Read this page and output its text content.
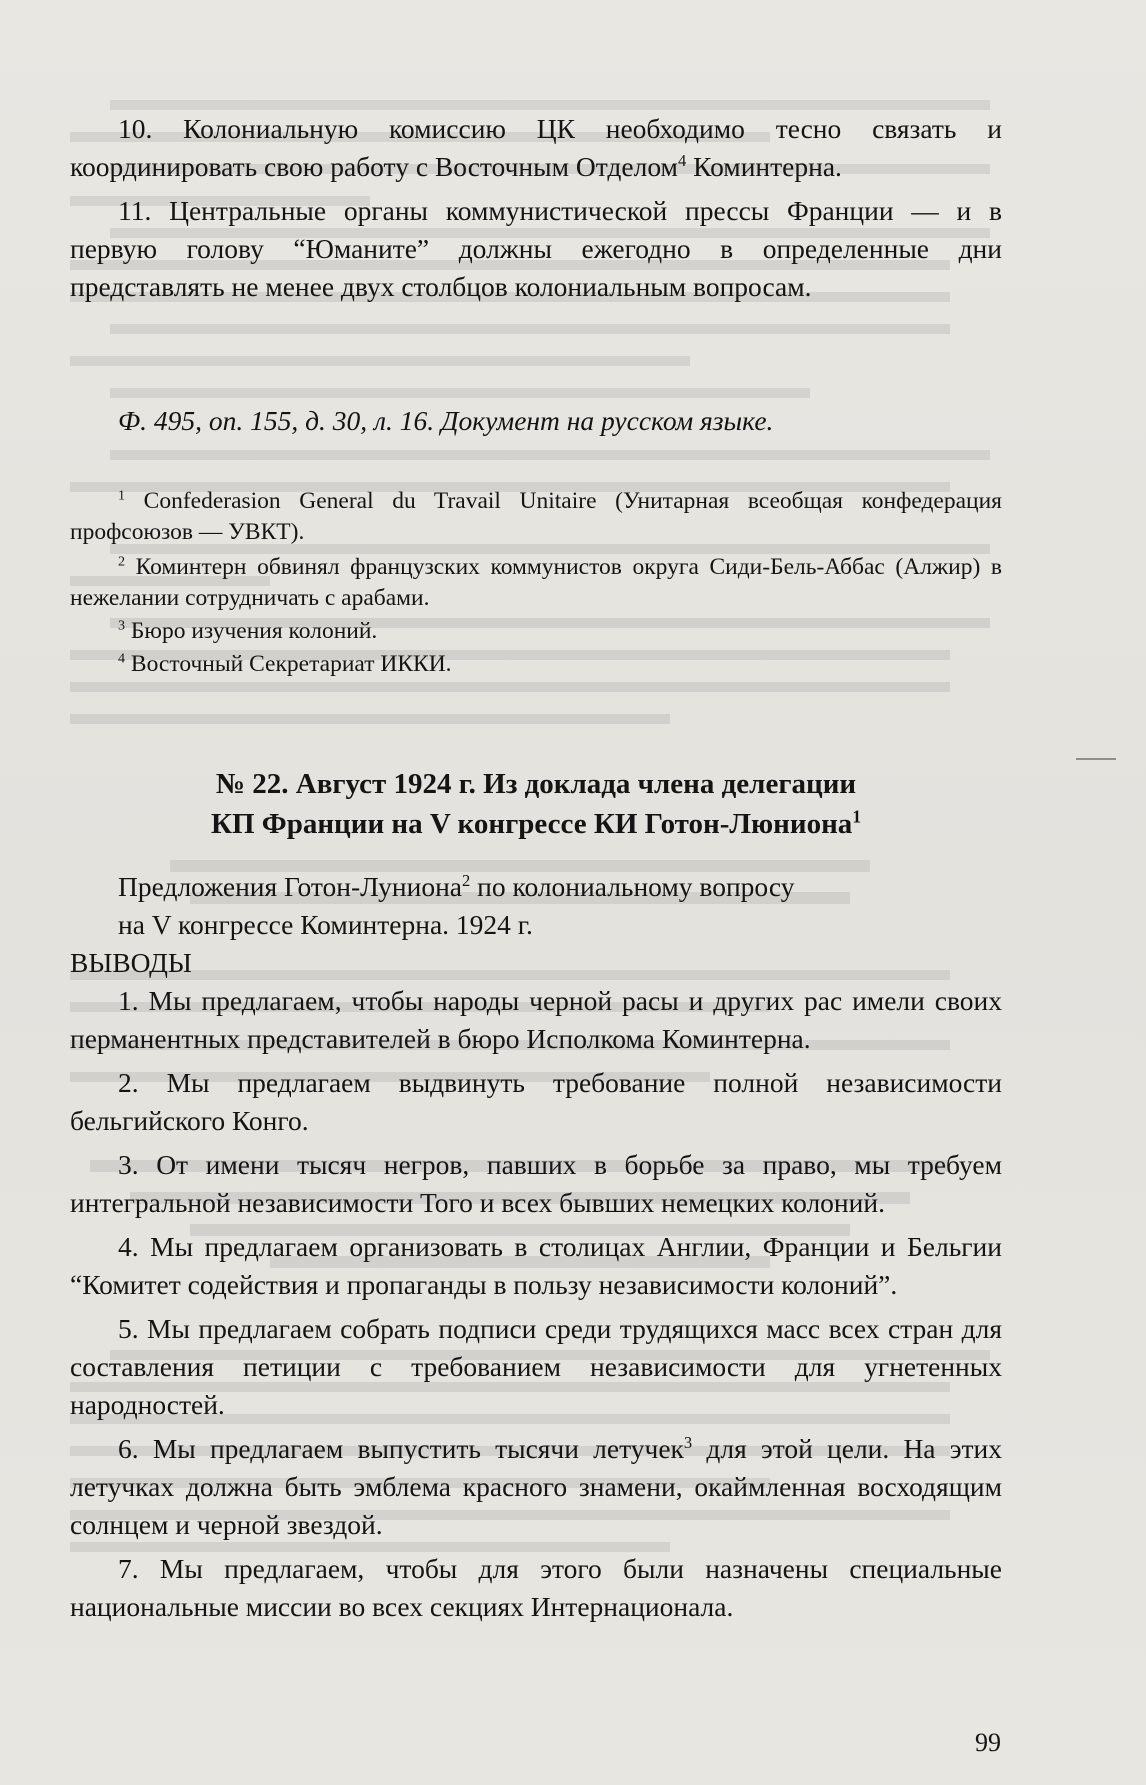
10. Колониальную комиссию ЦК необходимо тесно связать и координировать свою работу с Восточным Отделом$^4$ Коминтерна.

11. Центральные органы коммунистической прессы Франции — и в первую голову “Юманите” должны ежегодно в определенные дни представлять не менее двух столбцов колониальным вопросам.

Ф. 495, оп. 155, д. 30, л. 16. Документ на русском языке.

$^1$ Confederasion General du Travail Unitaire (Унитарная всеобщая конфедерация профсоюзов — УВКТ).

$^2$ Коминтерн обвинял французских коммунистов округа Сиди-Бель-Аббас (Алжир) в нежелании сотрудничать с арабами.

$^3$ Бюро изучения колоний.

$^4$ Восточный Секретариат ИККИ.

№ 22. Август 1924 г. Из доклада члена делегации

КП Франции на V конгрессе КИ Готон-Люниона$^1$

Предложения Готон-Луниона$^2$ по колониальному вопросу

на V конгрессе Коминтерна. 1924 г.

ВЫВОДЫ

1. Мы предлагаем, чтобы народы черной расы и других рас имели своих перманентных представителей в бюро Исполкома Коминтерна.

2. Мы предлагаем выдвинуть требование полной независимости бельгийского Конго.

3. От имени тысяч негров, павших в борьбе за право, мы требуем интегральной независимости Того и всех бывших немецких колоний.

4. Мы предлагаем организовать в столицах Англии, Франции и Бельгии “Комитет содействия и пропаганды в пользу независимости колоний”.

5. Мы предлагаем собрать подписи среди трудящихся масс всех стран для составления петиции с требованием независимости для угнетенных народностей.

6. Мы предлагаем выпустить тысячи летучек$^3$ для этой цели. На этих летучках должна быть эмблема красного знамени, окаймленная восходящим солнцем и черной звездой.

7. Мы предлагаем, чтобы для этого были назначены специальные национальные миссии во всех секциях Интернационала.

99
